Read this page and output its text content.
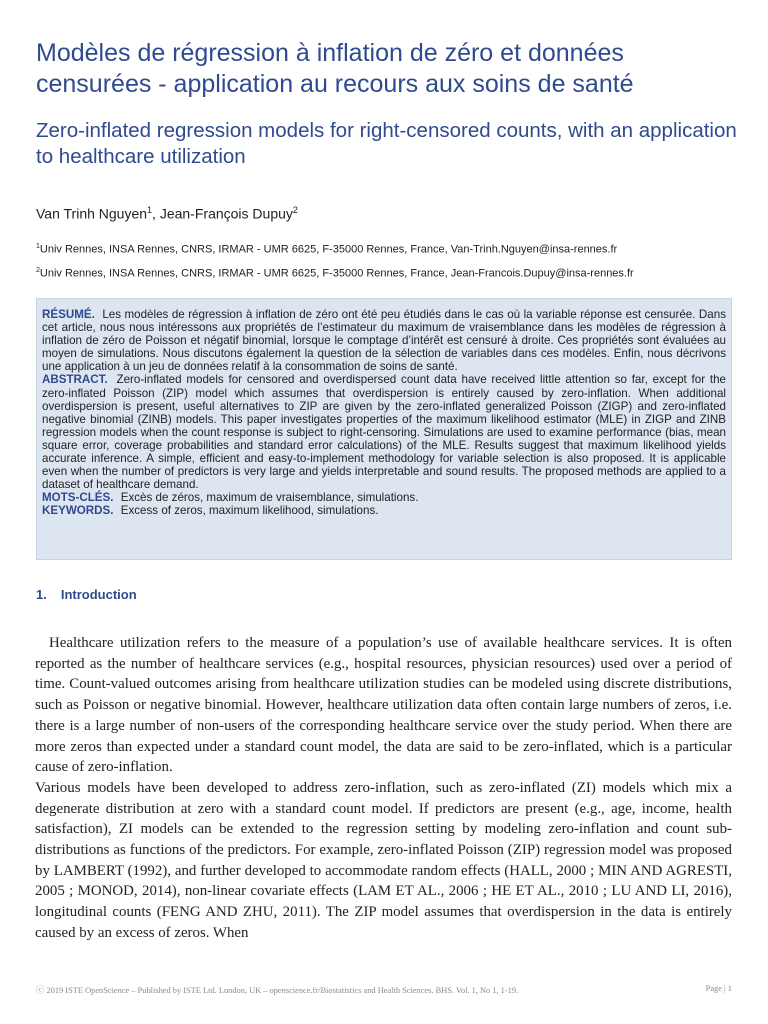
Modèles de régression à inflation de zéro et données censurées - application au recours aux soins de santé
Zero-inflated regression models for right-censored counts, with an application to healthcare utilization
Van Trinh Nguyen$^1$, Jean-François Dupuy$^2$
$^1$Univ Rennes, INSA Rennes, CNRS, IRMAR - UMR 6625, F-35000 Rennes, France, Van-Trinh.Nguyen@insa-rennes.fr
$^2$Univ Rennes, INSA Rennes, CNRS, IRMAR - UMR 6625, F-35000 Rennes, France, Jean-Francois.Dupuy@insa-rennes.fr

RÉSUMÉ. Les modèles de régression à inflation de zéro ont été peu étudiés dans le cas où la variable réponse est censurée. Dans cet article, nous nous intéressons aux propriétés de l’estimateur du maximum de vraisemblance dans les modèles de régression à inflation de zéro de Poisson et négatif binomial, lorsque le comptage d’intérêt est censuré à droite. Ces propriétés sont évaluées au moyen de simulations. Nous discutons également la question de la sélection de variables dans ces modèles. Enfin, nous décrivons une application à un jeu de données relatif à la consommation de soins de santé.

ABSTRACT. Zero-inflated models for censored and overdispersed count data have received little attention so far, except for the zero-inflated Poisson (ZIP) model which assumes that overdispersion is entirely caused by zero-inflation. When additional overdispersion is present, useful alternatives to ZIP are given by the zero-inflated generalized Poisson (ZIGP) and zero-inflated negative binomial (ZINB) models. This paper investigates properties of the maximum likelihood estimator (MLE) in ZIGP and ZINB regression models when the count response is subject to right-censoring. Simulations are used to examine performance (bias, mean square error, coverage probabilities and standard error calculations) of the MLE. Results suggest that maximum likelihood yields accurate inference. A simple, efficient and easy-to-implement methodology for variable selection is also proposed. It is applicable even when the number of predictors is very large and yields interpretable and sound results. The proposed methods are applied to a dataset of healthcare demand.

MOTS-CLÉS. Excès de zéros, maximum de vraisemblance, simulations.

KEYWORDS. Excess of zeros, maximum likelihood, simulations.

1. Introduction

Healthcare utilization refers to the measure of a population’s use of available healthcare services. It is often reported as the number of healthcare services (e.g., hospital resources, physician resources) used over a period of time. Count-valued outcomes arising from healthcare utilization studies can be modeled using discrete distributions, such as Poisson or negative binomial. However, healthcare utilization data often contain large numbers of zeros, i.e. there is a large number of non-users of the corresponding healthcare service over the study period. When there are more zeros than expected under a standard count model, the data are said to be zero-inflated, which is a particular cause of zero-inflation.

Various models have been developed to address zero-inflation, such as zero-inflated (ZI) models which mix a degenerate distribution at zero with a standard count model. If predictors are present (e.g., age, income, health satisfaction), ZI models can be extended to the regression setting by modeling zero-inflation and count sub-distributions as functions of the predictors. For example, zero-inflated Poisson (ZIP) regression model was proposed by LAMBERT (1992), and further developed to accommodate random effects (HALL, 2000 ; MIN AND AGRESTI, 2005 ; MONOD, 2014), non-linear covariate effects (LAM ET AL., 2006 ; HE ET AL., 2010 ; LU AND LI, 2016), longitudinal counts (FENG AND ZHU, 2011). The ZIP model assumes that overdispersion in the data is entirely caused by an excess of zeros. When

ⓒ 2019 ISTE OpenScience – Published by ISTE Ltd. London, UK – openscience.fr/Biostatistics and Health Sciences. BHS. Vol. 1, No 1, 1-19.	Page | 1
